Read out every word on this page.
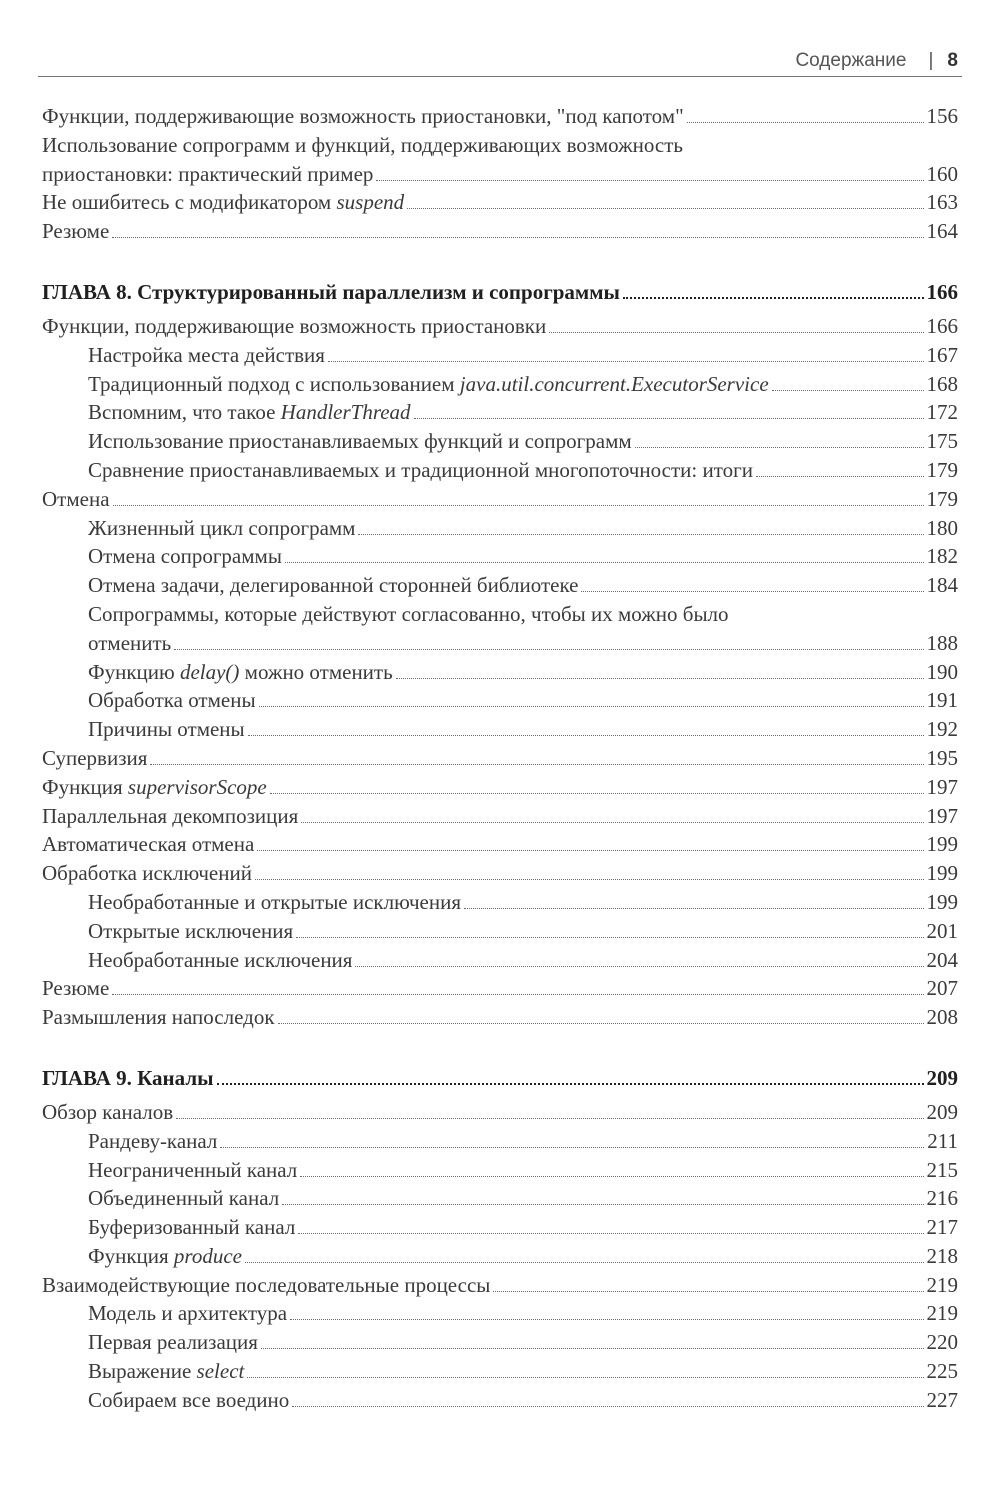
Содержание | 8
Функции, поддерживающие возможность приостановки, "под капотом"	156
Использование сопрограмм и функций, поддерживающих возможность
приостановки: практический пример	160
Не ошибитесь с модификатором suspend	163
Резюме	164
ГЛАВА 8. Структурированный параллелизм и сопрограммы	166
Функции, поддерживающие возможность приостановки	166
Настройка места действия	167
Традиционный подход с использованием java.util.concurrent.ExecutorService	168
Вспомним, что такое HandlerThread	172
Использование приостанавливаемых функций и сопрограмм	175
Сравнение приостанавливаемых и традиционной многопоточности: итоги	179
Отмена	179
Жизненный цикл сопрограмм	180
Отмена сопрограммы	182
Отмена задачи, делегированной сторонней библиотеке	184
Сопрограммы, которые действуют согласованно, чтобы их можно было
отменить	188
Функцию delay() можно отменить	190
Обработка отмены	191
Причины отмены	192
Супервизия	195
Функция supervisorScope	197
Параллельная декомпозиция	197
Автоматическая отмена	199
Обработка исключений	199
Необработанные и открытые исключения	199
Открытые исключения	201
Необработанные исключения	204
Резюме	207
Размышления напоследок	208
ГЛАВА 9. Каналы	209
Обзор каналов	209
Рандеву-канал	211
Неограниченный канал	215
Объединенный канал	216
Буферизованный канал	217
Функция produce	218
Взаимодействующие последовательные процессы	219
Модель и архитектура	219
Первая реализация	220
Выражение select	225
Собираем все воедино	227
